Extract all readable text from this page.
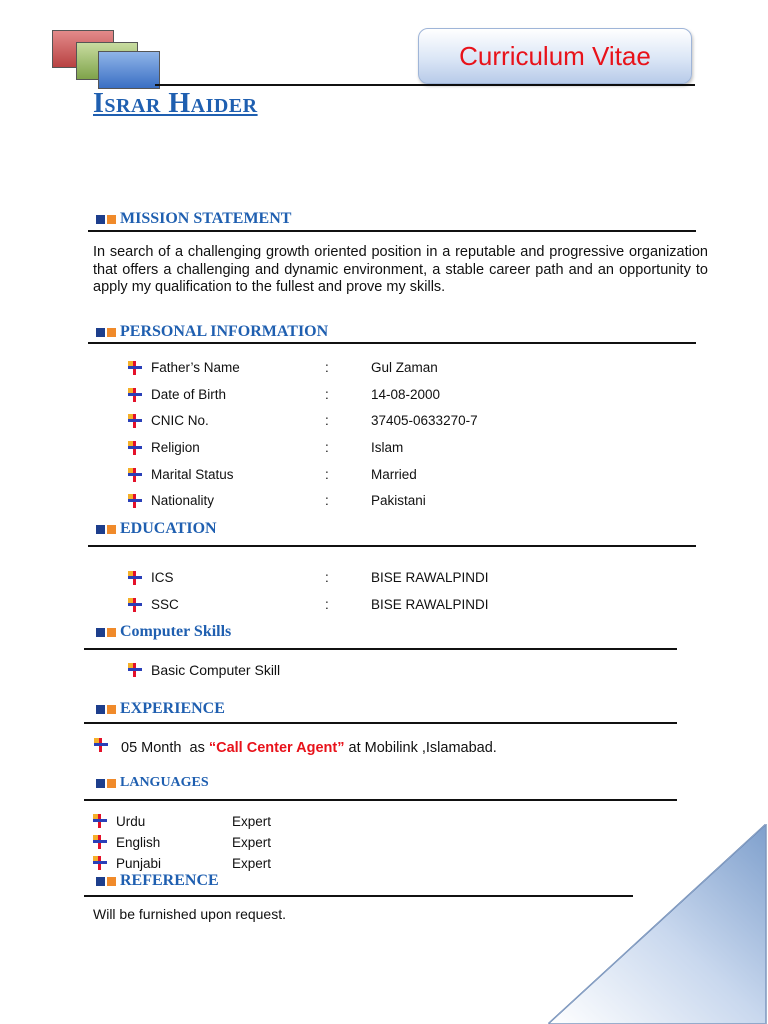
Curriculum Vitae
Israr Haider
MISSION STATEMENT
In search of a challenging growth oriented position in a reputable and progressive organization that offers a challenging and dynamic environment, a stable career path and an opportunity to apply my qualification to the fullest and prove my skills.
PERSONAL INFORMATION
Father’s Name	:	Gul Zaman
Date of Birth	:	14-08-2000
CNIC No.	:	37405-0633270-7
Religion	:	Islam
Marital Status	:	Married
Nationality	:	Pakistani
EDUCATION
ICS	:	BISE RAWALPINDI
SSC	:	BISE RAWALPINDI
Computer Skills
Basic Computer Skill
EXPERIENCE
05 Month  as “Call Center Agent” at Mobilink ,Islamabad.
LANGUAGES
Urdu	Expert
English	Expert
Punjabi	Expert
REFERENCE
Will be furnished upon request.
